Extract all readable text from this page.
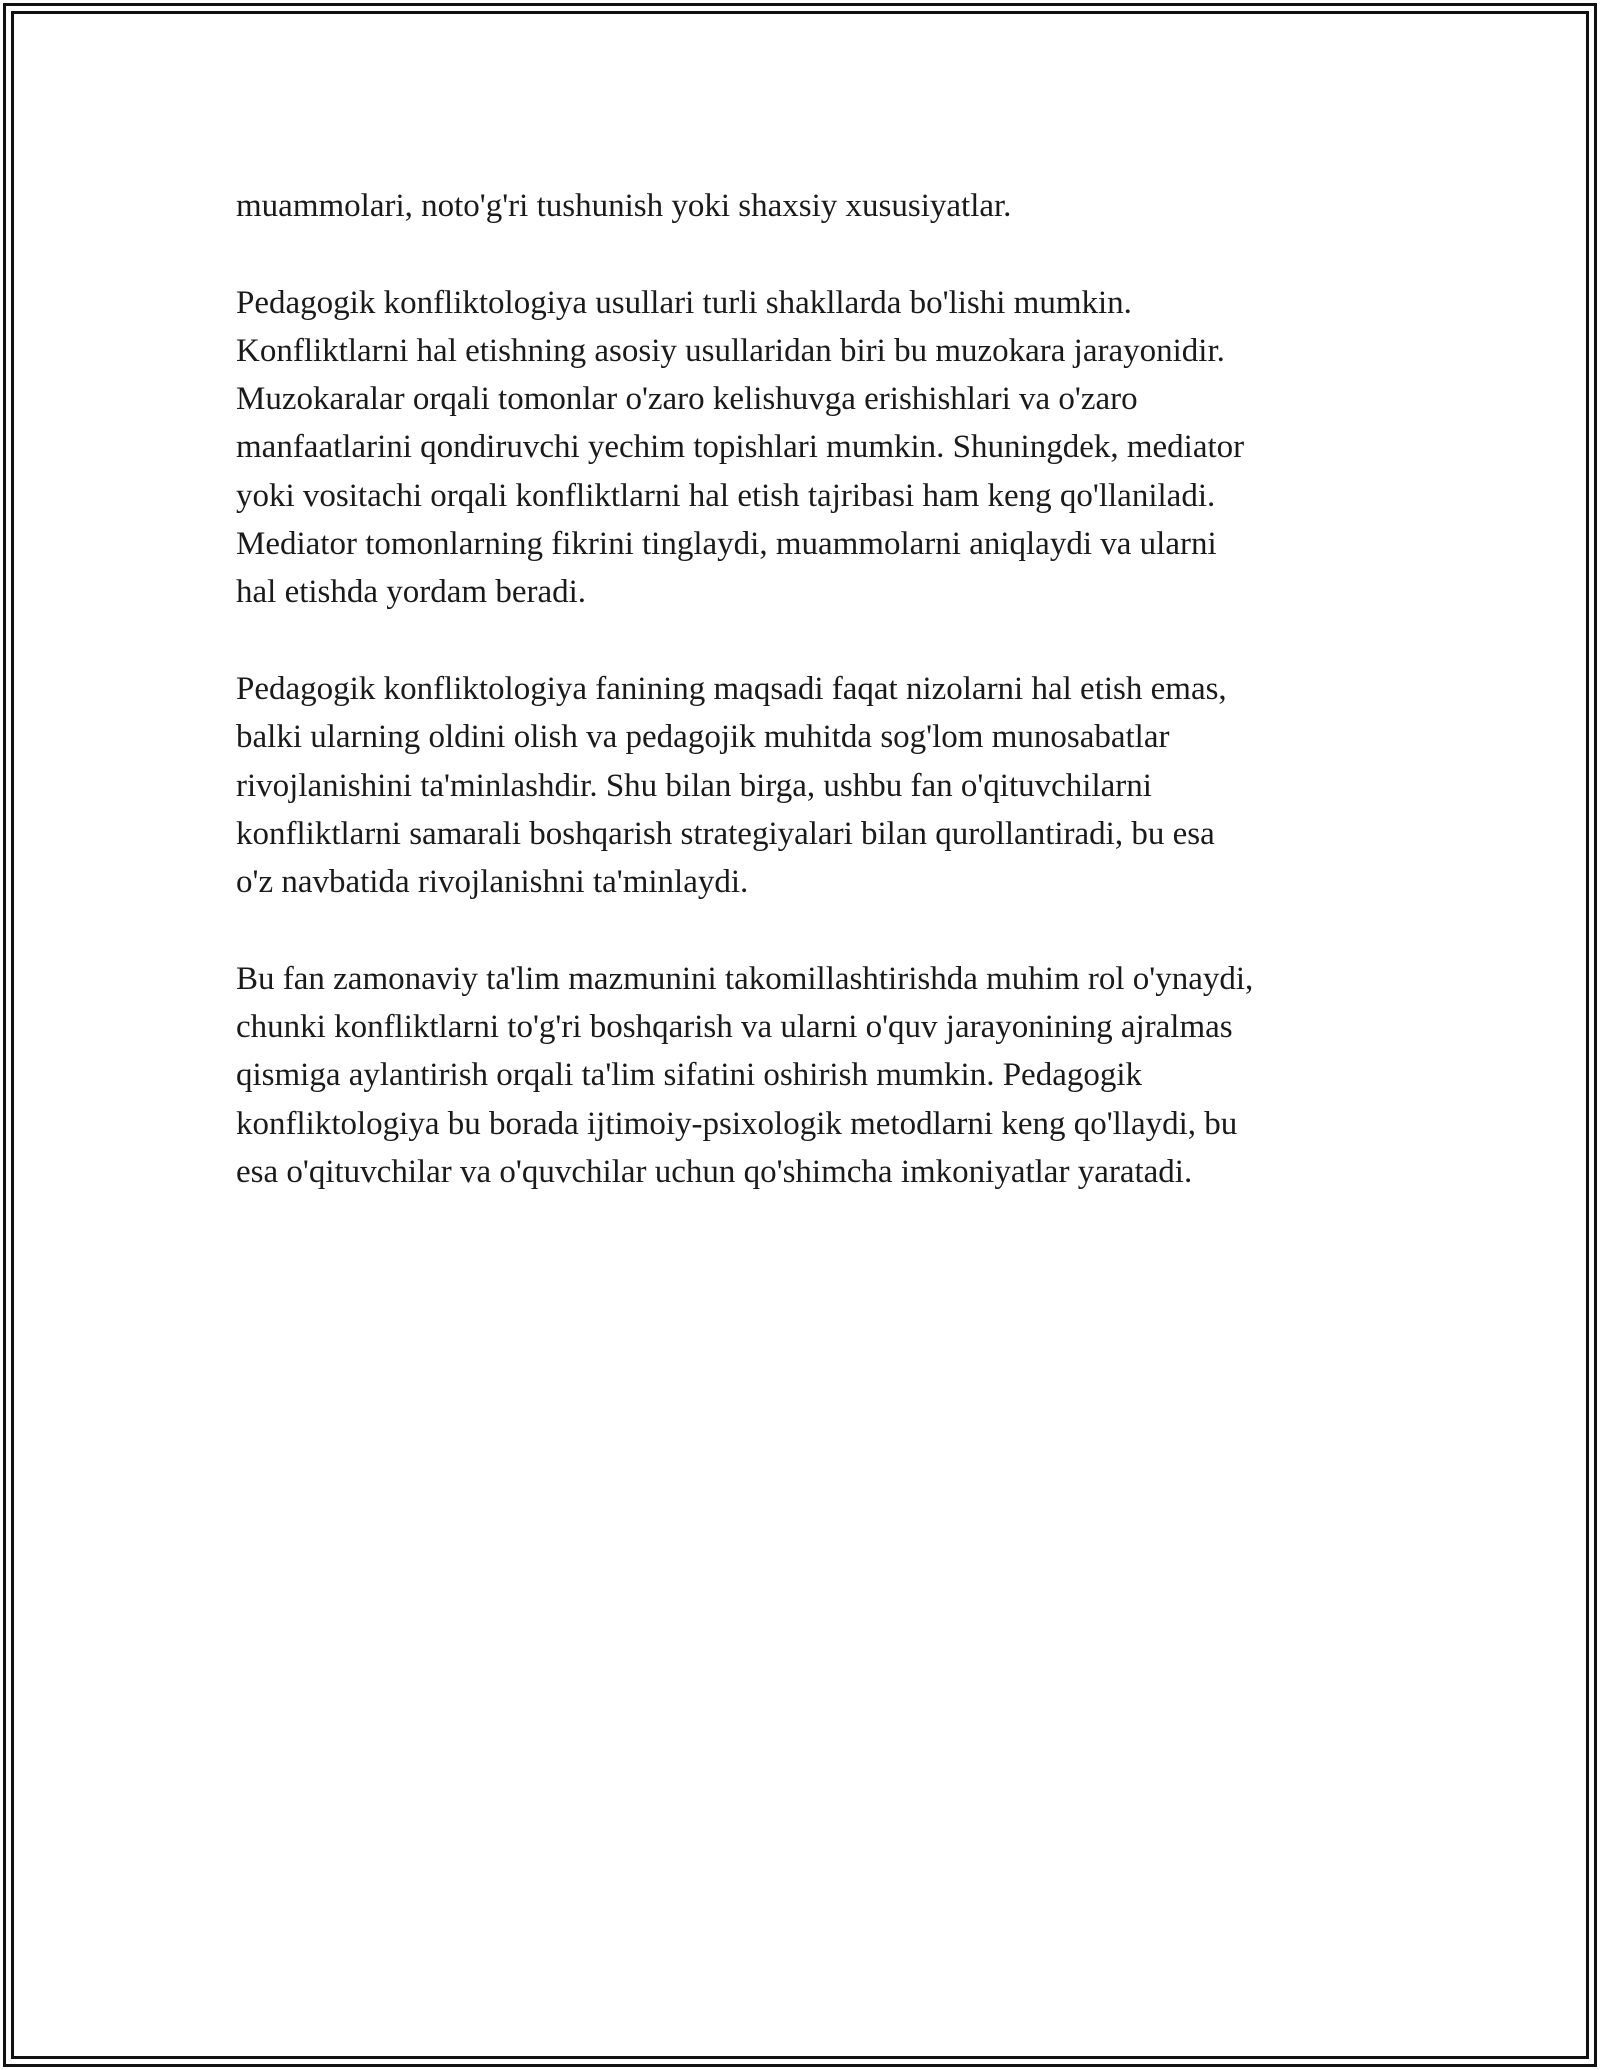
muammolari, noto'g'ri tushunish yoki shaxsiy xususiyatlar.

Pedagogik konfliktologiya usullari turli shakllarda bo'lishi mumkin.
Konfliktlarni hal etishning asosiy usullaridan biri bu muzokara jarayonidir.
Muzokaralar orqali tomonlar o'zaro kelishuvga erishishlari va o'zaro
manfaatlarini qondiruvchi yechim topishlari mumkin. Shuningdek, mediator
yoki vositachi orqali konfliktlarni hal etish tajribasi ham keng qo'llaniladi.
Mediator tomonlarning fikrini tinglaydi, muammolarni aniqlaydi va ularni
hal etishda yordam beradi.

Pedagogik konfliktologiya fanining maqsadi faqat nizolarni hal etish emas,
balki ularning oldini olish va pedagojik muhitda sog'lom munosabatlar
rivojlanishini ta'minlashdir. Shu bilan birga, ushbu fan o'qituvchilarni
konfliktlarni samarali boshqarish strategiyalari bilan qurollantiradi, bu esa
o'z navbatida rivojlanishni ta'minlaydi.

Bu fan zamonaviy ta'lim mazmunini takomillashtirishda muhim rol o'ynaydi,
chunki konfliktlarni to'g'ri boshqarish va ularni o'quv jarayonining ajralmas
qismiga aylantirish orqali ta'lim sifatini oshirish mumkin. Pedagogik
konfliktologiya bu borada ijtimoiy-psixologik metodlarni keng qo'llaydi, bu
esa o'qituvchilar va o'quvchilar uchun qo'shimcha imkoniyatlar yaratadi.
